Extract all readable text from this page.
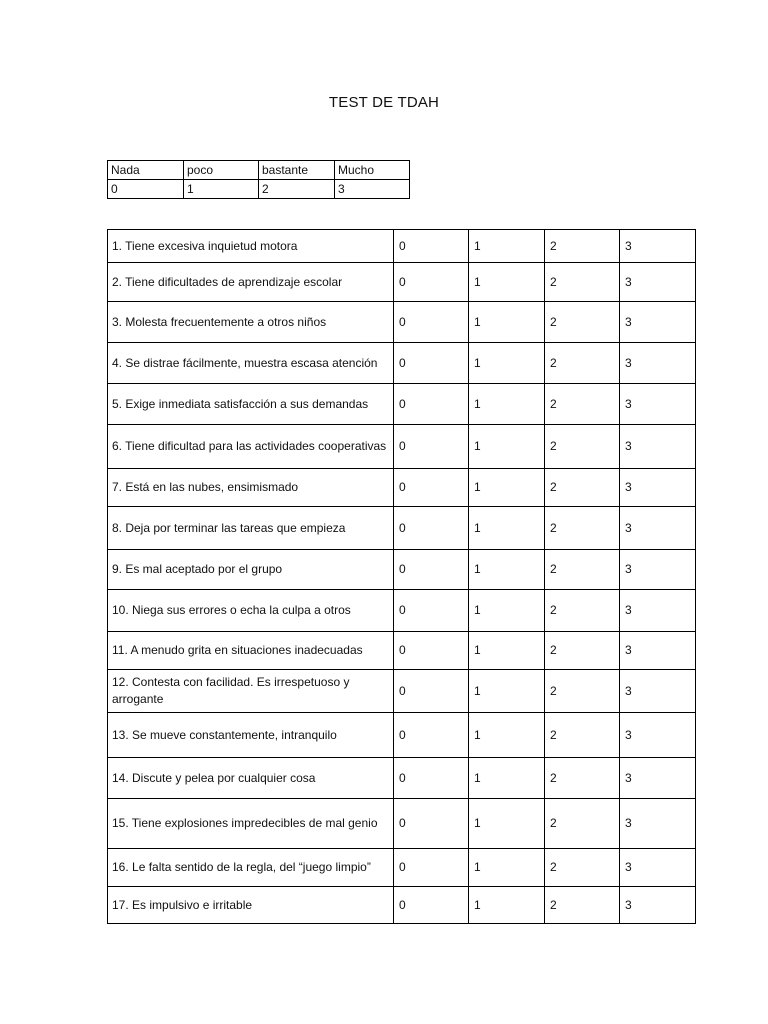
TEST DE TDAH
Nada	poco	bastante	Mucho
0	1	2	3
1. Tiene excesiva inquietud motora	0	1	2	3
2. Tiene dificultades de aprendizaje escolar	0	1	2	3
3. Molesta frecuentemente a otros niños	0	1	2	3
4. Se distrae fácilmente, muestra escasa atención	0	1	2	3
5. Exige inmediata satisfacción a sus demandas	0	1	2	3
6. Tiene dificultad para las actividades cooperativas	0	1	2	3
7. Está en las nubes, ensimismado	0	1	2	3
8. Deja por terminar las tareas que empieza	0	1	2	3
9. Es mal aceptado por el grupo	0	1	2	3
10. Niega sus errores o echa la culpa a otros	0	1	2	3
11. A menudo grita en situaciones inadecuadas	0	1	2	3
12. Contesta con facilidad. Es irrespetuoso y arrogante	0	1	2	3
13. Se mueve constantemente, intranquilo	0	1	2	3
14. Discute y pelea por cualquier cosa	0	1	2	3
15. Tiene explosiones impredecibles de mal genio	0	1	2	3
16. Le falta sentido de la regla, del “juego limpio”	0	1	2	3
17. Es impulsivo e irritable	0	1	2	3
